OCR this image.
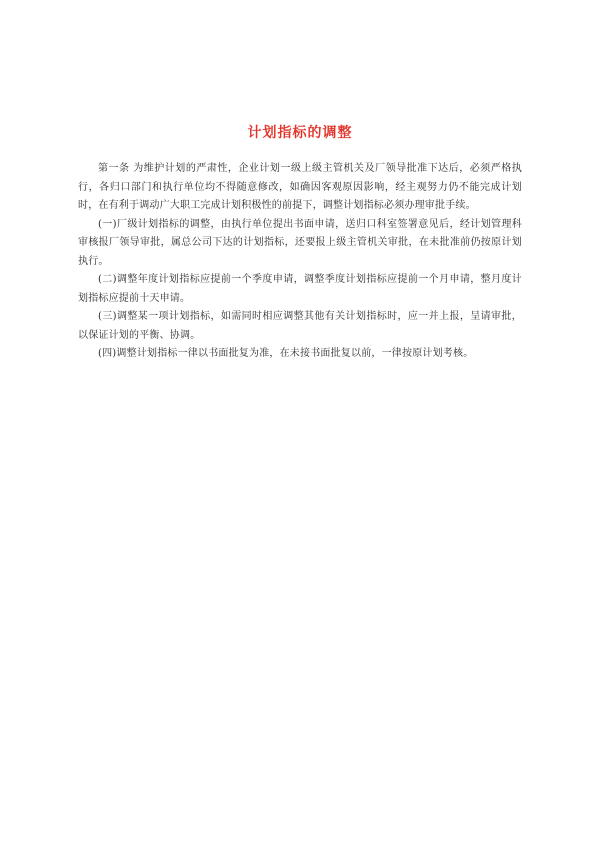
计划指标的调整

第一条 为维护计划的严肃性，企业计划一级上级主管机关及厂领导批准下达后，必须严格执行，各归口部门和执行单位均不得随意修改，如确因客观原因影响，经主观努力仍不能完成计划时，在有利于调动广大职工完成计划积极性的前提下，调整计划指标必须办理审批手续。

(一)厂级计划指标的调整，由执行单位提出书面申请，送归口科室签署意见后，经计划管理科 审核报厂领导审批，属总公司下达的计划指标，还要报上级主管机关审批，在未批准前仍按原计划 执行。

(二)调整年度计划指标应提前一个季度申请，调整季度计划指标应提前一个月申请，整月度计划指标应提前十天申请。

(三)调整某一项计划指标，如需同时相应调整其他有关计划指标时，应一并上报，呈请审批，以保证计划的平衡、协调。

(四)调整计划指标一律以书面批复为准，在未接书面批复以前，一律按原计划考核。
